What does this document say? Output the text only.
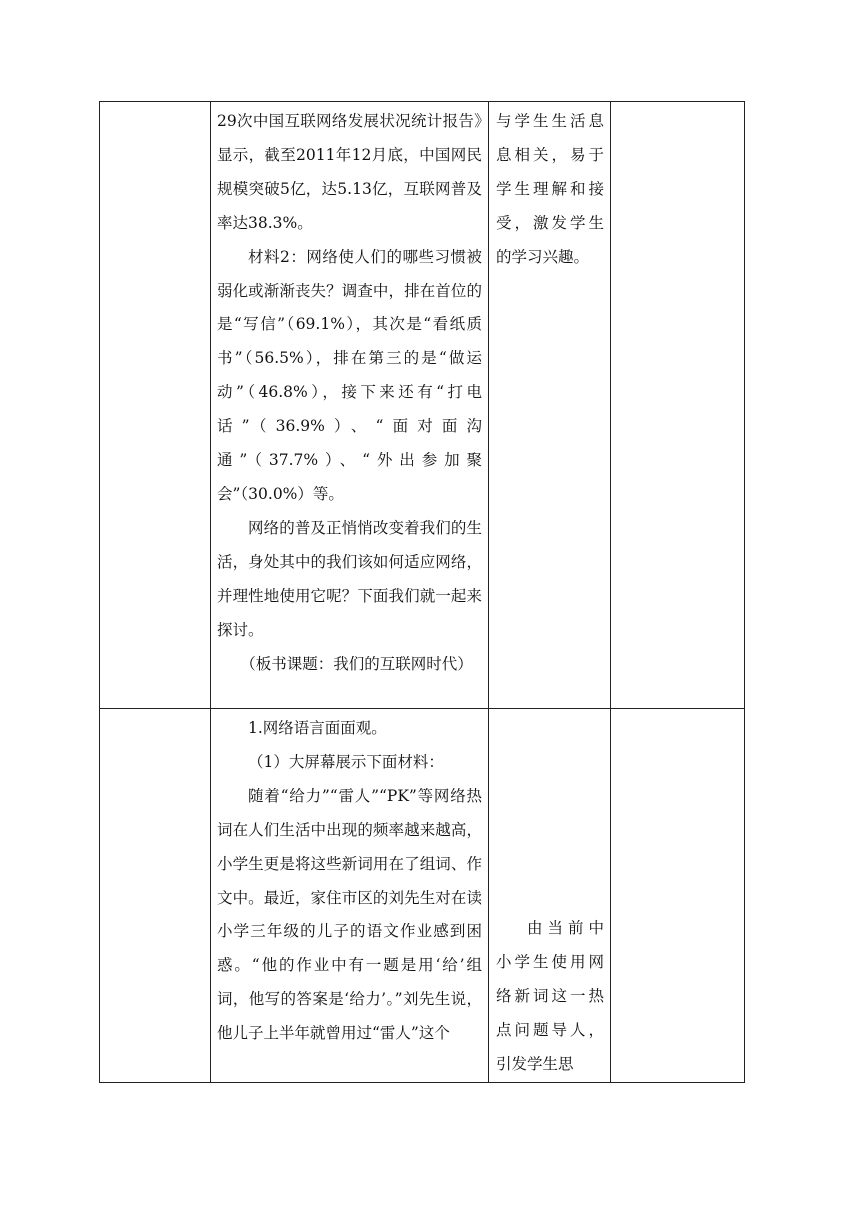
	29次中国互联网络发展状况统计报告》显示，截至2011年12月底，中国网民规模突破5亿，达5.13亿，互联网普及率达38.3%。

材料2：网络使人们的哪些习惯被弱化或渐渐丧失？调查中，排在首位的是“写信”（69.1%），其次是“看纸质书”（56.5%），排在第三的是“做运动”（46.8%），接下来还有“打电话”（36.9%）、“面对面沟通”（37.7%）、“外出参加聚会”（30.0%）等。

网络的普及正悄悄改变着我们的生活，身处其中的我们该如何适应网络，并理性地使用它呢？下面我们就一起来探讨。

（板书课题：我们的互联网时代）	与学生生活息息相关，易于学生理解和接受，激发学生的学习兴趣。	

	1.网络语言面面观。

（1）大屏幕展示下面材料：

随着“给力”“雷人”“PK”等网络热词在人们生活中出现的频率越来越高，小学生更是将这些新词用在了组词、作文中。最近，家住市区的刘先生对在读小学三年级的儿子的语文作业感到困惑。“他的作业中有一题是用‘给’组词，他写的答案是‘给力’。”刘先生说，他儿子上半年就曾用过“雷人”这个	由当前中小学生使用网络新词这一热点问题导人，引发学生思	
